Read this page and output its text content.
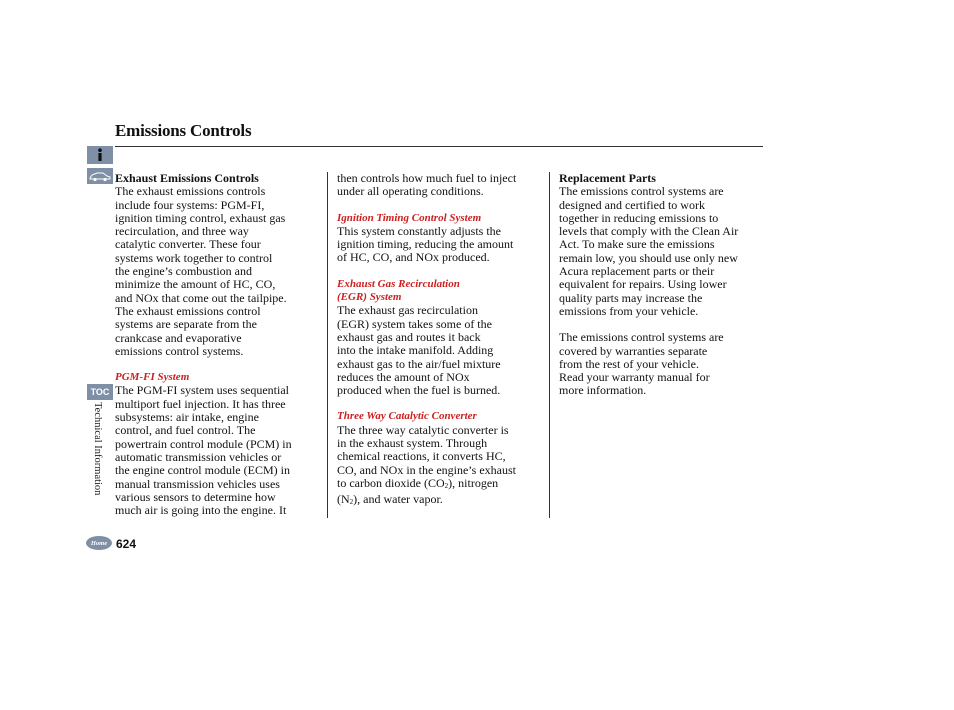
Emissions Controls
TOC
Technical Information
Home 624

Exhaust Emissions Controls

The exhaust emissions controls
include four systems: PGM-FI,
ignition timing control, exhaust gas
recirculation, and three way
catalytic converter. These four
systems work together to control
the engine’s combustion and
minimize the amount of HC, CO,
and NOx that come out the tailpipe.
The exhaust emissions control
systems are separate from the
crankcase and evaporative
emissions control systems.

PGM-FI System

The PGM-FI system uses sequential
multiport fuel injection. It has three
subsystems: air intake, engine
control, and fuel control. The
powertrain control module (PCM) in
automatic transmission vehicles or
the engine control module (ECM) in
manual transmission vehicles uses
various sensors to determine how
much air is going into the engine. It

then controls how much fuel to inject
under all operating conditions.

Ignition Timing Control System

This system constantly adjusts the
ignition timing, reducing the amount
of HC, CO, and NOx produced.

Exhaust Gas Recirculation
(EGR) System

The exhaust gas recirculation
(EGR) system takes some of the
exhaust gas and routes it back
into the intake manifold. Adding
exhaust gas to the air/fuel mixture
reduces the amount of NOx
produced when the fuel is burned.

Three Way Catalytic Converter

The three way catalytic converter is
in the exhaust system. Through
chemical reactions, it converts HC,
CO, and NOx in the engine’s exhaust
to carbon dioxide $(CO_2)$, nitrogen
$(N_2)$, and water vapor.

Replacement Parts

The emissions control systems are
designed and certified to work
together in reducing emissions to
levels that comply with the Clean Air
Act. To make sure the emissions
remain low, you should use only new
Acura replacement parts or their
equivalent for repairs. Using lower
quality parts may increase the
emissions from your vehicle.

The emissions control systems are
covered by warranties separate
from the rest of your vehicle.
Read your warranty manual for
more information.
